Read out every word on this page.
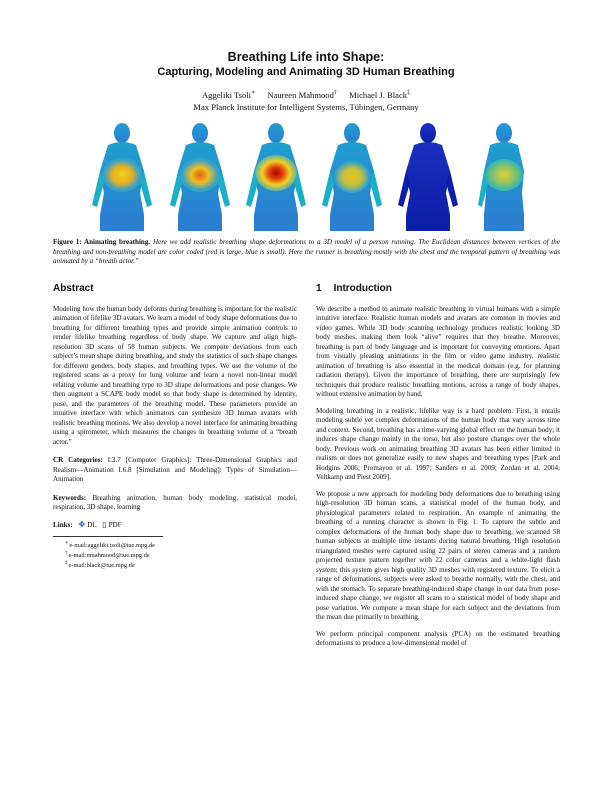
Breathing Life into Shape:
Capturing, Modeling and Animating 3D Human Breathing
Aggeliki Tsoli∗ Naureen Mahmood† Michael J. Black‡
Max Planck Institute for Intelligent Systems, Tübingen, Germany
Figure 1: Animating breathing. Here we add realistic breathing shape deformations to a 3D model of a person running. The Euclidean distances between vertices of the breathing and non-breathing model are color coded (red is large, blue is small). Here the runner is breathing mostly with the chest and the temporal pattern of breathing was animated by a “breath actor.”
Abstract

Modeling how the human body deforms during breathing is important for the realistic animation of lifelike 3D avatars. We learn a model of body shape deformations due to breathing for different breathing types and provide simple animation controls to render lifelike breathing regardless of body shape. We capture and align high-resolution 3D scans of 58 human subjects. We compute deviations from each subject’s mean shape during breathing, and study the statistics of such shape changes for different genders, body shapes, and breathing types. We use the volume of the registered scans as a proxy for lung volume and learn a novel non-linear model relating volume and breathing type to 3D shape deformations and pose changes. We then augment a SCAPE body model so that body shape is determined by identity, pose, and the parameters of the breathing model. These parameters provide an intuitive interface with which animators can synthesize 3D human avatars with realistic breathing motions. We also develop a novel interface for animating breathing using a spirometer, which measures the changes in breathing volume of a “breath actor.”

CR Categories: I.3.7 [Computer Graphics]: Three-Dimensional Graphics and Realism—Animation I.6.8 [Simulation and Modeling]: Types of Simulation—Animation

Keywords: Breathing animation, human body modeling, statistical model, respiration, 3D shape, learning

Links: ✥ DL ▯ PDF
∗e-mail:aggeliki.tsoli@tue.mpg.de
†e-mail:nmahmood@tue.mpg.de
‡e-mail:black@tue.mpg.de
1 Introduction

We describe a method to animate realistic breathing in virtual humans with a simple intuitive interface. Realistic human models and avatars are common in movies and video games. While 3D body scanning technology produces realistic looking 3D body meshes, making them look “alive” requires that they breathe. Moreover, breathing is part of body language and is important for conveying emotions. Apart from visually pleasing animations in the film or video game industry, realistic animation of breathing is also essential in the medical domain (e.g. for planning radiation therapy). Given the importance of breathing, there are surprisingly few techniques that produce realistic breathing motions, across a range of body shapes, without extensive animation by hand.

Modeling breathing in a realistic, lifelike way is a hard problem. First, it entails modeling subtle yet complex deformations of the human body that vary across time and context. Second, breathing has a time-varying global effect on the human body; it induces shape change mainly in the torso, but also posture changes over the whole body. Previous work on animating breathing 3D avatars has been either limited in realism or does not generalize easily to new shapes and breathing types [Park and Hodgins 2006; Promayon et al. 1997; Sanders et al. 2009; Zordan et al. 2004; Veltkamp and Piest 2009].

We propose a new approach for modeling body deformations due to breathing using high-resolution 3D human scans, a statistical model of the human body, and physiological parameters related to respiration. An example of animating the breathing of a running character is shown in Fig. 1. To capture the subtle and complex deformations of the human body shape due to breathing, we scanned 58 human subjects at multiple time instants during natural breathing. High resolution triangulated meshes were captured using 22 pairs of stereo cameras and a random projected texture pattern together with 22 color cameras and a white-light flash system; this system gives high quality 3D meshes with registered texture. To elicit a range of deformations, subjects were asked to breathe normally, with the chest, and with the stomach. To separate breathing-induced shape change in our data from pose-induced shape change, we register all scans to a statistical model of body shape and pose variation. We compute a mean shape for each subject and the deviations from the mean due primarily to breathing.

We perform principal component analysis (PCA) on the estimated breathing deformations to produce a low-dimensional model of
